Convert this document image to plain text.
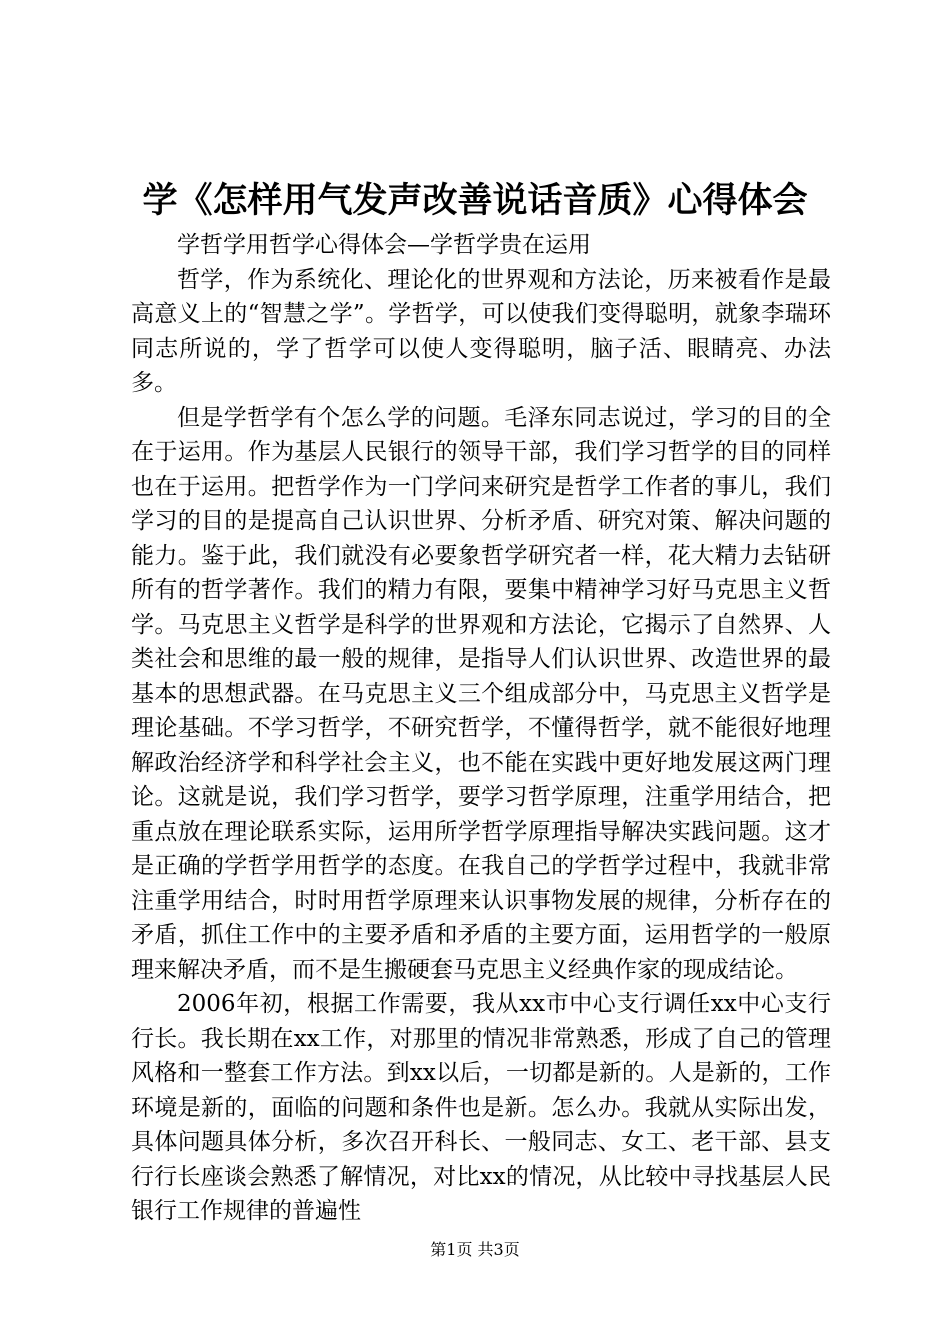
学《怎样用气发声改善说话音质》心得体会

学哲学用哲学心得体会—学哲学贵在运用

哲学，作为系统化、理论化的世界观和方法论，历来被看作是最高意义上的“智慧之学”。学哲学，可以使我们变得聪明，就象李瑞环同志所说的，学了哲学可以使人变得聪明，脑子活、眼睛亮、办法多。

但是学哲学有个怎么学的问题。毛泽东同志说过，学习的目的全在于运用。作为基层人民银行的领导干部，我们学习哲学的目的同样也在于运用。把哲学作为一门学问来研究是哲学工作者的事儿，我们学习的目的是提高自己认识世界、分析矛盾、研究对策、解决问题的能力。鉴于此，我们就没有必要象哲学研究者一样，花大精力去钻研所有的哲学著作。我们的精力有限，要集中精神学习好马克思主义哲学。马克思主义哲学是科学的世界观和方法论，它揭示了自然界、人类社会和思维的最一般的规律，是指导人们认识世界、改造世界的最基本的思想武器。在马克思主义三个组成部分中，马克思主义哲学是理论基础。不学习哲学，不研究哲学，不懂得哲学，就不能很好地理解政治经济学和科学社会主义，也不能在实践中更好地发展这两门理论。这就是说，我们学习哲学，要学习哲学原理，注重学用结合，把重点放在理论联系实际，运用所学哲学原理指导解决实践问题。这才是正确的学哲学用哲学的态度。在我自己的学哲学过程中，我就非常注重学用结合，时时用哲学原理来认识事物发展的规律，分析存在的矛盾，抓住工作中的主要矛盾和矛盾的主要方面，运用哲学的一般原理来解决矛盾，而不是生搬硬套马克思主义经典作家的现成结论。

2006年初，根据工作需要，我从xx市中心支行调任xx中心支行行长。我长期在xx工作，对那里的情况非常熟悉，形成了自己的管理风格和一整套工作方法。到xx以后，一切都是新的。人是新的，工作环境是新的，面临的问题和条件也是新。怎么办。我就从实际出发，具体问题具体分析，多次召开科长、一般同志、女工、老干部、县支行行长座谈会熟悉了解情况，对比xx的情况，从比较中寻找基层人民银行工作规律的普遍性

第1页 共3页
